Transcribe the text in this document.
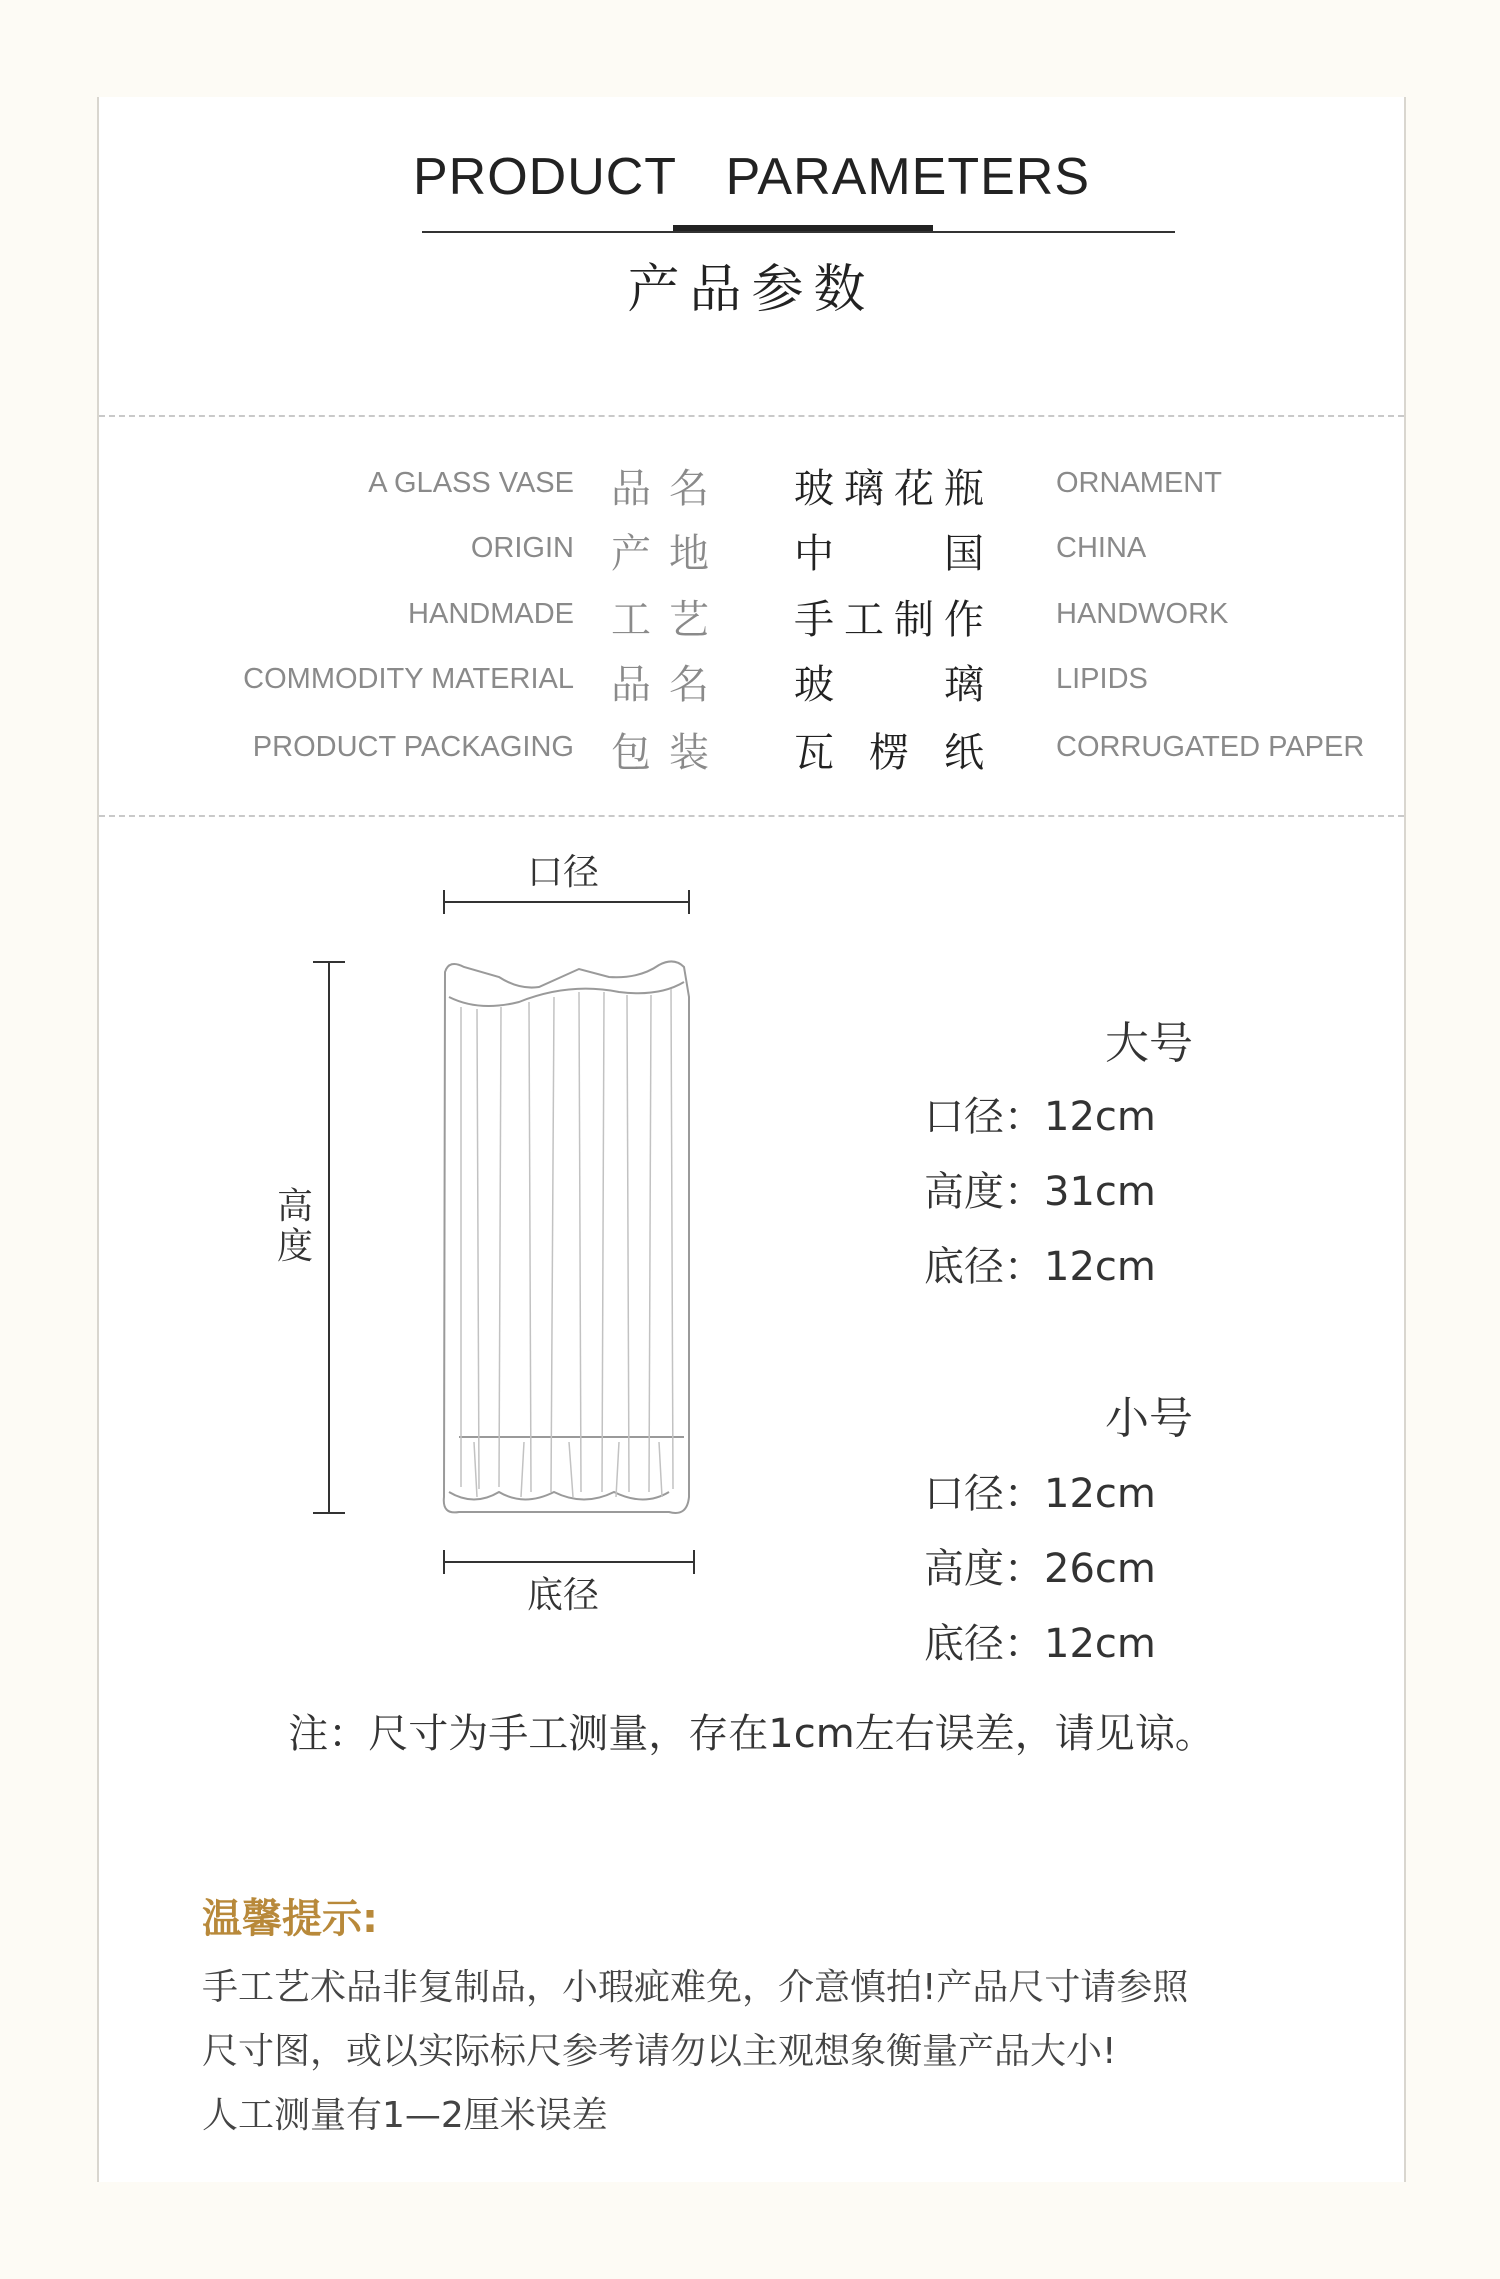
PRODUCT PARAMETERS
产品参数
A GLASS VASE 品名 玻璃花瓶 ORNAMENT
ORIGIN 产地 中国 CHINA
HANDMADE 工艺 手工制作 HANDWORK
COMMODITY MATERIAL 品名 玻璃 LIPIDS
PRODUCT PACKAGING 包装 瓦楞纸 CORRUGATED PAPER
口径
高度
底径
大号
口径：12cm
高度：31cm
底径：12cm
小号
口径：12cm
高度：26cm
底径：12cm
注：尺寸为手工测量，存在1cm左右误差，请见谅。
温馨提示:
手工艺术品非复制品，小瑕疵难免，介意慎拍!产品尺寸请参照
尺寸图，或以实际标尺参考请勿以主观想象衡量产品大小!
人工测量有1—2厘米误差
